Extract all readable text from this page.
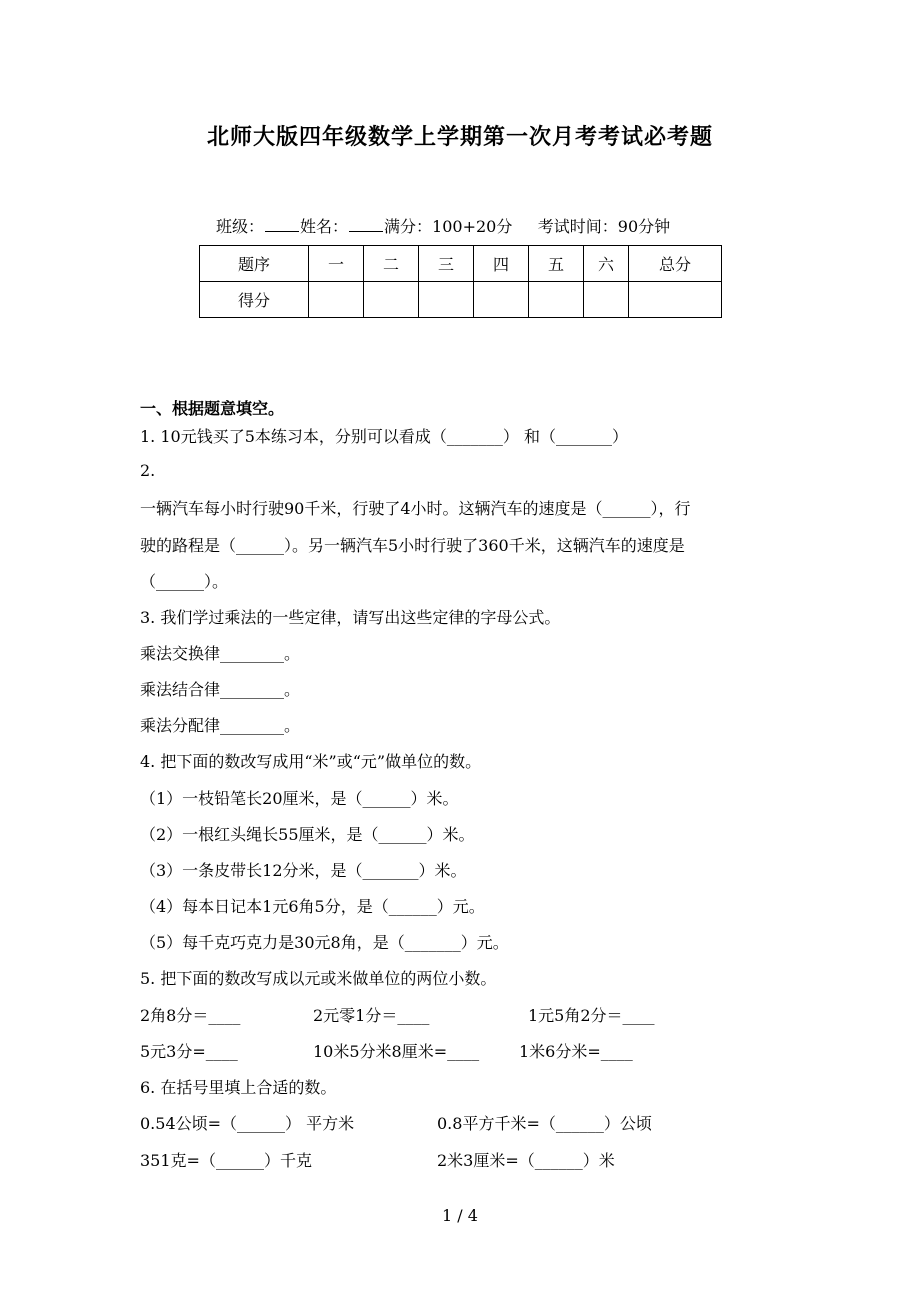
北师大版四年级数学上学期第一次月考考试必考题
班级： 姓名： 满分：100+20分 考试时间：90分钟
题序	一	二	三	四	五	六	总分
得分							
一、根据题意填空。
1. 10元钱买了5本练习本，分别可以看成（_______） 和（_______）
2.
一辆汽车每小时行驶90千米，行驶了4小时。这辆汽车的速度是（______），行
驶的路程是（______）。另一辆汽车5小时行驶了360千米，这辆汽车的速度是
（______）。
3. 我们学过乘法的一些定律，请写出这些定律的字母公式。
乘法交换律________。
乘法结合律________。
乘法分配律________。
4. 把下面的数改写成用“米”或“元”做单位的数。
（1）一枝铅笔长20厘米，是（______）米。
（2）一根红头绳长55厘米，是（______）米。
（3）一条皮带长12分米，是（_______）米。
（4）每本日记本1元6角5分，是（______）元。
（5）每千克巧克力是30元8角，是（_______）元。
5. 把下面的数改写成以元或米做单位的两位小数。
2角8分＝____	2元零1分＝____	1元5角2分＝____
5元3分=____	10米5分米8厘米=____ 1米6分米=____
6. 在括号里填上合适的数。
0.54公顷=（______） 平方米	0.8平方千米=（______）公顷
351克=（______）千克	2米3厘米=（______）米
1 / 4
